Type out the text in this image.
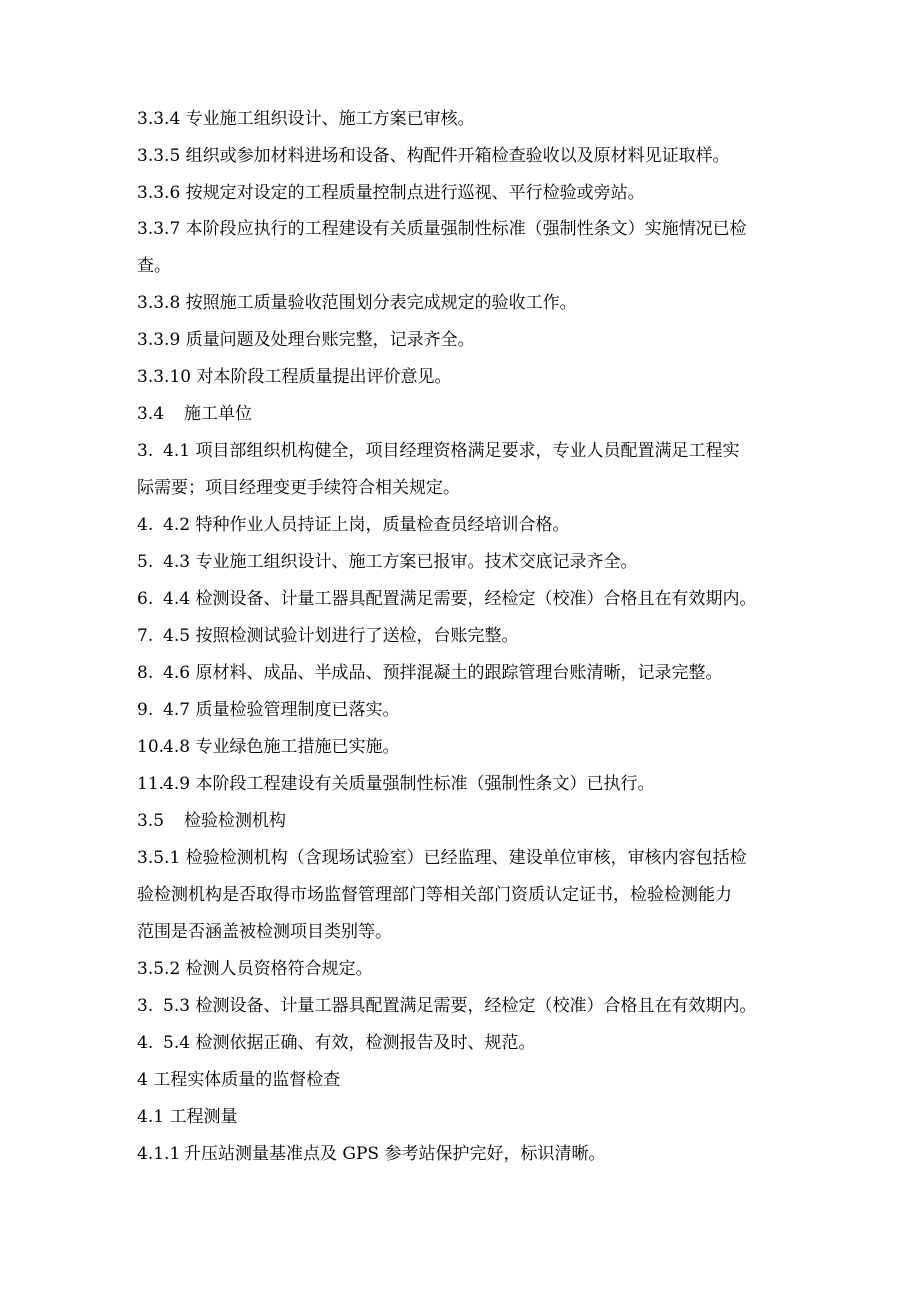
3.3.4 专业施工组织设计、施工方案已审核。
3.3.5 组织或参加材料进场和设备、构配件开箱检查验收以及原材料见证取样。
3.3.6 按规定对设定的工程质量控制点进行巡视、平行检验或旁站。
3.3.7 本阶段应执行的工程建设有关质量强制性标准（强制性条文）实施情况已检
查。
3.3.8 按照施工质量验收范围划分表完成规定的验收工作。
3.3.9 质量问题及处理台账完整，记录齐全。
3.3.10 对本阶段工程质量提出评价意见。
3.4 施工单位
3. 4.1 项目部组织机构健全，项目经理资格满足要求，专业人员配置满足工程实
际需要；项目经理变更手续符合相关规定。
4. 4.2 特种作业人员持证上岗，质量检查员经培训合格。
5. 4.3 专业施工组织设计、施工方案已报审。技术交底记录齐全。
6. 4.4 检测设备、计量工器具配置满足需要，经检定（校准）合格且在有效期内。
7. 4.5 按照检测试验计划进行了送检，台账完整。
8. 4.6 原材料、成品、半成品、预拌混凝土的跟踪管理台账清晰，记录完整。
9. 4.7 质量检验管理制度已落实。
10.4.8 专业绿色施工措施已实施。
11.4.9 本阶段工程建设有关质量强制性标准（强制性条文）已执行。
3.5 检验检测机构
3.5.1 检验检测机构（含现场试验室）已经监理、建设单位审核，审核内容包括检
验检测机构是否取得市场监督管理部门等相关部门资质认定证书，检验检测能力
范围是否涵盖被检测项目类别等。
3.5.2 检测人员资格符合规定。
3. 5.3 检测设备、计量工器具配置满足需要，经检定（校准）合格且在有效期内。
4. 5.4 检测依据正确、有效，检测报告及时、规范。
4 工程实体质量的监督检查
4.1 工程测量
4.1.1 升压站测量基准点及 GPS 参考站保护完好，标识清晰。
